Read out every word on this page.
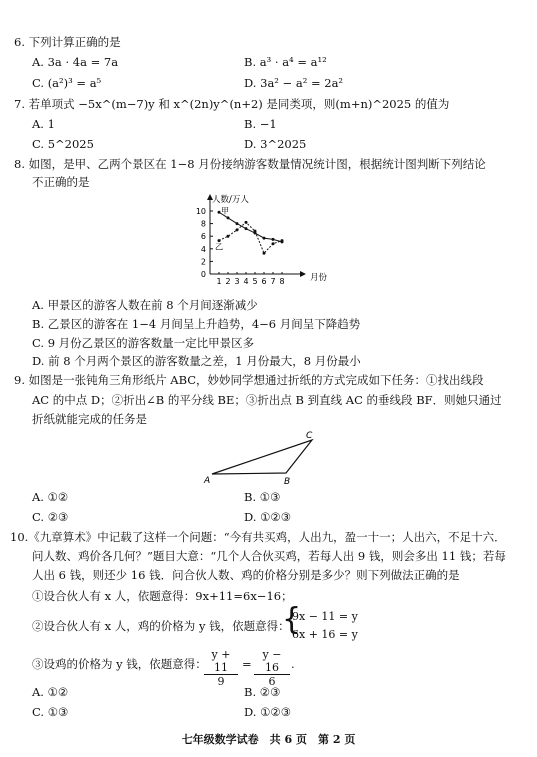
6. 下列计算正确的是
A. 3a · 4a = 7a	B. a³ · a⁴ = a¹²
C. (a²)³ = a⁵	D. 3a² − a² = 2a²
7. 若单项式 −5x^(m−7)y 和 x^(2n)y^(n+2) 是同类项，则(m+n)^2025 的值为
A. 1	B. −1
C. 5^2025	D. 3^2025
8. 如图，是甲、乙两个景区在 1−8 月份接纳游客数量情况统计图，根据统计图判断下列结论
不正确的是
0
2
4
6
8
10
1 2 3 4 5 6 7 8
人数/万人
月份
甲
乙
A. 甲景区的游客人数在前 8 个月间逐渐减少
B. 乙景区的游客在 1−4 月间呈上升趋势，4−6 月间呈下降趋势
C. 9 月份乙景区的游客数量一定比甲景区多
D. 前 8 个月两个景区的游客数量之差，1 月份最大，8 月份最小
9. 如图是一张钝角三角形纸片 ABC，妙妙同学想通过折纸的方式完成如下任务：①找出线段
AC 的中点 D；②折出∠B 的平分线 BE；③折出点 B 到直线 AC 的垂线段 BF．则她只通过
折纸就能完成的任务是
A	B
C
A. ①②	B. ①③
C. ②③	D. ①②③
10.《九章算术》中记载了这样一个问题：“今有共买鸡，人出九，盈一十一；人出六，不足十六．
问人数、鸡价各几何？”题目大意：“几个人合伙买鸡，若每人出 9 钱，则会多出 11 钱；若每
人出 6 钱，则还少 16 钱．问合伙人数、鸡的价格分别是多少？则下列做法正确的是
①设合伙人有 x 人，依题意得：9x+11=6x−16；
②设合伙人有 x 人，鸡的价格为 y 钱，依题意得：
{
9x − 11 = y
6x + 16 = y
③设鸡的价格为 y 钱，依题意得：
$\frac{y + 11}{9} = \frac{y - 16}{6}$ .
A. ①②	B. ②③
C. ①③	D. ①②③
七年级数学试卷　共 6 页　第 2 页
